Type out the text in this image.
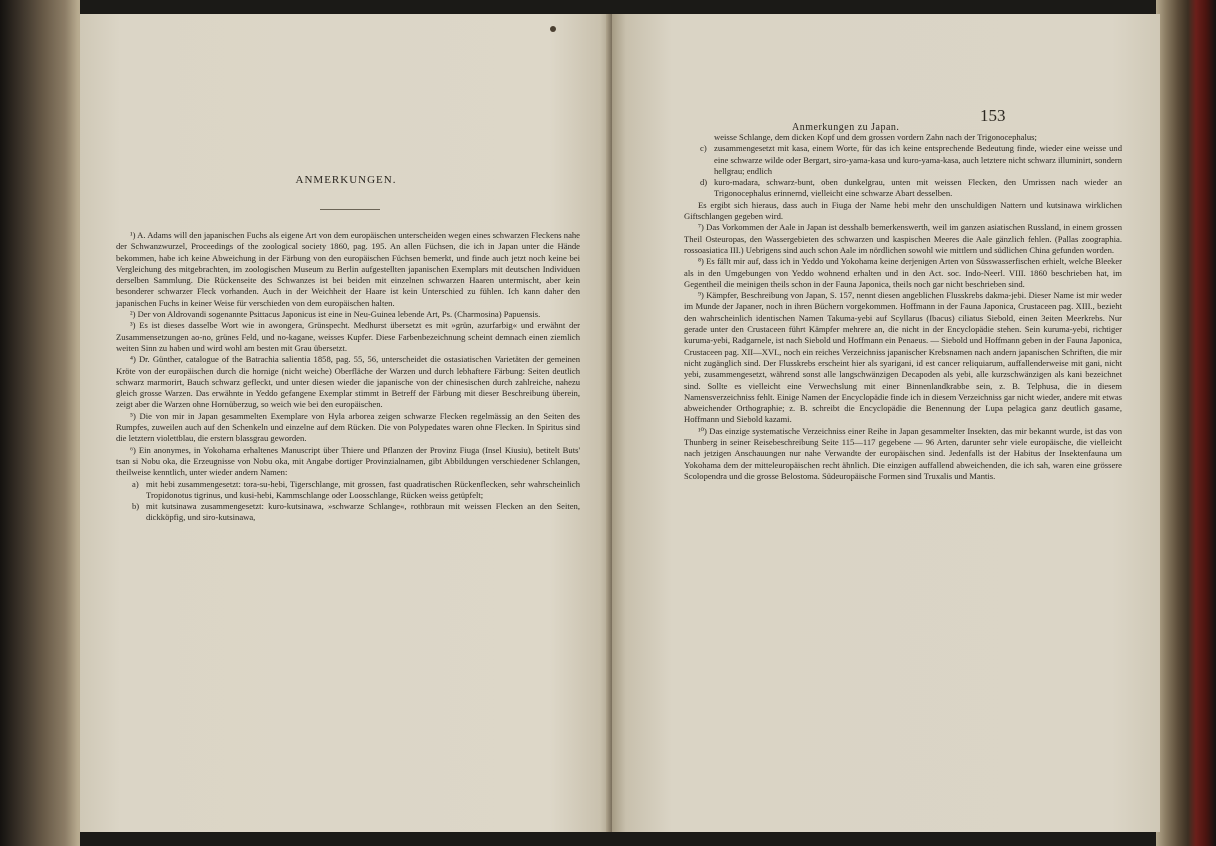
ANMERKUNGEN.

¹) A. Adams will den japanischen Fuchs als eigene Art von dem europäischen unterscheiden wegen eines schwarzen Fleckens nahe der Schwanzwurzel, Proceedings of the zoological society 1860, pag. 195. An allen Füchsen, die ich in Japan unter die Hände bekommen, habe ich keine Abweichung in der Färbung von den europäischen Füchsen bemerkt, und finde auch jetzt noch keine bei Vergleichung des mitgebrachten, im zoologischen Museum zu Berlin aufgestellten japanischen Exemplars mit deutschen Individuen derselben Sammlung. Die Rückenseite des Schwanzes ist bei beiden mit einzelnen schwarzen Haaren untermischt, aber kein besonderer schwarzer Fleck vorhanden. Auch in der Weichheit der Haare ist kein Unterschied zu fühlen. Ich kann daher den japanischen Fuchs in keiner Weise für verschieden von dem europäischen halten.

²) Der von Aldrovandi sogenannte Psittacus Japonicus ist eine in Neu-Guinea lebende Art, Ps. (Charmosina) Papuensis.

³) Es ist dieses dasselbe Wort wie in awongera, Grünspecht. Medhurst übersetzt es mit »grün, azurfarbig« und erwähnt der Zusammensetzungen ao-no, grünes Feld, und no-kagane, weisses Kupfer. Diese Farbenbezeichnung scheint demnach einen ziemlich weiten Sinn zu haben und wird wohl am besten mit Grau übersetzt.

⁴) Dr. Günther, catalogue of the Batrachia salientia 1858, pag. 55, 56, unterscheidet die ostasiatischen Varietäten der gemeinen Kröte von der europäischen durch die hornige (nicht weiche) Oberfläche der Warzen und durch lebhaftere Färbung: Seiten deutlich schwarz marmorirt, Bauch schwarz gefleckt, und unter diesen wieder die japanische von der chinesischen durch zahlreiche, nahezu gleich grosse Warzen. Das erwähnte in Yeddo gefangene Exemplar stimmt in Betreff der Färbung mit dieser Beschreibung überein, zeigt aber die Warzen ohne Hornüberzug, so weich wie bei den europäischen.

⁵) Die von mir in Japan gesammelten Exemplare von Hyla arborea zeigen schwarze Flecken regelmässig an den Seiten des Rumpfes, zuweilen auch auf den Schenkeln und einzelne auf dem Rücken. Die von Polypedates waren ohne Flecken. In Spiritus sind die letztern violettblau, die erstern blassgrau geworden.

⁶) Ein anonymes, in Yokohama erhaltenes Manuscript über Thiere und Pflanzen der Provinz Fiuga (Insel Kiusiu), betitelt Buts' tsan si Nobu oka, die Erzeugnisse von Nobu oka, mit Angabe dortiger Provinzialnamen, gibt Abbildungen verschiedener Schlangen, theilweise kenntlich, unter wieder andern Namen:

a) mit hebi zusammengesetzt: tora-su-hebi, Tigerschlange, mit grossen, fast quadratischen Rückenflecken, sehr wahrscheinlich Tropidonotus tigrinus, und kusi-hebi, Kammschlange oder Loosschlange, Rücken weiss getüpfelt;

b) mit kutsinawa zusammengesetzt: kuro-kutsinawa, »schwarze Schlange«, rothbraun mit weissen Flecken an den Seiten, dickköpfig, und siro-kutsinawa,

Anmerkungen zu Japan.
153

weisse Schlange, dem dicken Kopf und dem grossen vordern Zahn nach der Trigonocephalus;

c) zusammengesetzt mit kasa, einem Worte, für das ich keine entsprechende Bedeutung finde, wieder eine weisse und eine schwarze wilde oder Bergart, siro-yama-kasa und kuro-yama-kasa, auch letztere nicht schwarz illuminirt, sondern hellgrau; endlich

d) kuro-madara, schwarz-bunt, oben dunkelgrau, unten mit weissen Flecken, den Umrissen nach wieder an Trigonocephalus erinnernd, vielleicht eine schwarze Abart desselben.

Es ergibt sich hieraus, dass auch in Fiuga der Name hebi mehr den unschuldigen Nattern und kutsinawa wirklichen Giftschlangen gegeben wird.

⁷) Das Vorkommen der Aale in Japan ist desshalb bemerkenswerth, weil im ganzen asiatischen Russland, in einem grossen Theil Osteuropas, den Wassergebieten des schwarzen und kaspischen Meeres die Aale gänzlich fehlen. (Pallas zoographia. rossoasiatica III.) Uebrigens sind auch schon Aale im nördlichen sowohl wie mittlern und südlichen China gefunden worden.

⁸) Es fällt mir auf, dass ich in Yeddo und Yokohama keine derjenigen Arten von Süsswasserfischen erhielt, welche Bleeker als in den Umgebungen von Yeddo wohnend erhalten und in den Act. soc. Indo-Neerl. VIII. 1860 beschrieben hat, im Gegentheil die meinigen theils schon in der Fauna Japonica, theils noch gar nicht beschrieben sind.

⁹) Kämpfer, Beschreibung von Japan, S. 157, nennt diesen angeblichen Flusskrebs dakma-jebi. Dieser Name ist mir weder im Munde der Japaner, noch in ihren Büchern vorgekommen. Hoffmann in der Fauna Japonica, Crustaceen pag. XIII., bezieht den wahrscheinlich identischen Namen Takuma-yebi auf Scyllarus (Ibacus) ciliatus Siebold, einen 3eiten Meerkrebs. Nur gerade unter den Crustaceen führt Kämpfer mehrere an, die nicht in der Encyclopädie stehen. Sein kuruma-yebi, richtiger kuruma-yebi, Radgarnele, ist nach Siebold und Hoffmann ein Penaeus. — Siebold und Hoffmann geben in der Fauna Japonica, Crustaceen pag. XII—XVI., noch ein reiches Verzeichniss japanischer Krebsnamen nach andern japanischen Schriften, die mir nicht zugänglich sind. Der Flusskrebs erscheint hier als syarigani, id est cancer reliquiarum, auffallenderweise mit gani, nicht yebi, zusammengesetzt, während sonst alle langschwänzigen Decapoden als yebi, alle kurzschwänzigen als kani bezeichnet sind. Sollte es vielleicht eine Verwechslung mit einer Binnenlandkrabbe sein, z. B. Telphusa, die in diesem Namensverzeichniss fehlt. Einige Namen der Encyclopädie finde ich in diesem Verzeichniss gar nicht wieder, andere mit etwas abweichender Orthographie; z. B. schreibt die Encyclopädie die Benennung der Lupa pelagica ganz deutlich gasame, Hoffmann und Siebold kazami.

¹⁰) Das einzige systematische Verzeichniss einer Reihe in Japan gesammelter Insekten, das mir bekannt wurde, ist das von Thunberg in seiner Reisebeschreibung Seite 115—117 gegebene — 96 Arten, darunter sehr viele europäische, die vielleicht nach jetzigen Anschauungen nur nahe Verwandte der europäischen sind. Jedenfalls ist der Habitus der Insektenfauna um Yokohama dem der mitteleuropäischen recht ähnlich. Die einzigen auffallend abweichenden, die ich sah, waren eine grössere Scolopendra und die grosse Belostoma. Südeuropäische Formen sind Truxalis und Mantis.
